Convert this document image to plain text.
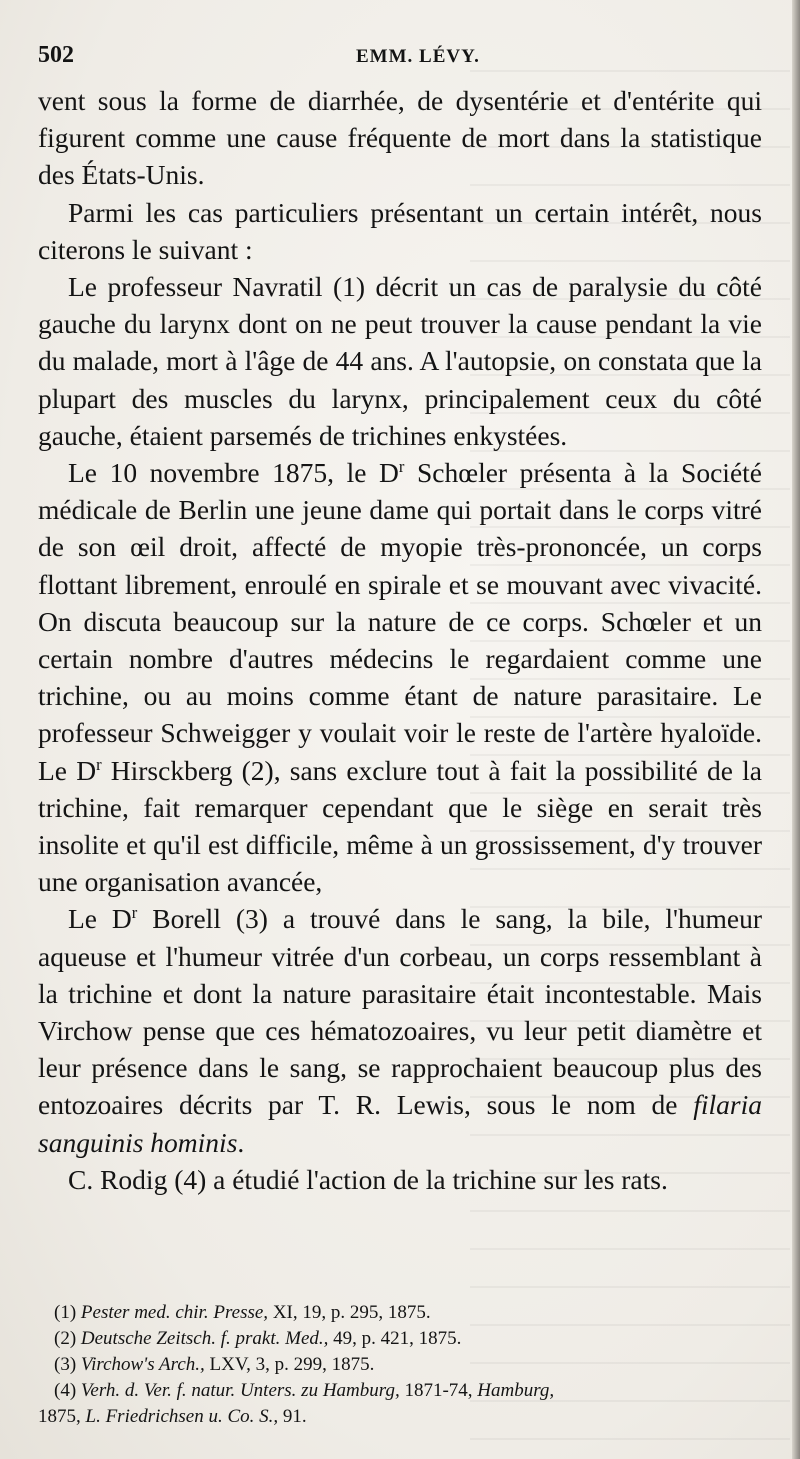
502	EMM. LÉVY.

vent sous la forme de diarrhée, de dysentérie et d'entérite qui figurent comme une cause fréquente de mort dans la statistique des États-Unis.

Parmi les cas particuliers présentant un certain intérêt, nous citerons le suivant :

Le professeur Navratil (1) décrit un cas de paralysie du côté gauche du larynx dont on ne peut trouver la cause pendant la vie du malade, mort à l'âge de 44 ans. A l'autopsie, on constata que la plupart des muscles du larynx, principalement ceux du côté gauche, étaient parsemés de trichines enkystées.

Le 10 novembre 1875, le $D^r$ Schœler présenta à la Société médicale de Berlin une jeune dame qui portait dans le corps vitré de son œil droit, affecté de myopie très-prononcée, un corps flottant librement, enroulé en spirale et se mouvant avec vivacité. On discuta beaucoup sur la nature de ce corps. Schœler et un certain nombre d'autres médecins le regardaient comme une trichine, ou au moins comme étant de nature parasitaire. Le professeur Schweigger y voulait voir le reste de l'artère hyaloïde. Le $D^r$ Hirsckberg (2), sans exclure tout à fait la possibilité de la trichine, fait remarquer cependant que le siège en serait très insolite et qu'il est difficile, même à un grossissement, d'y trouver une organisation avancée,

Le $D^r$ Borell (3) a trouvé dans le sang, la bile, l'humeur aqueuse et l'humeur vitrée d'un corbeau, un corps ressemblant à la trichine et dont la nature parasitaire était incontestable. Mais Virchow pense que ces hématozoaires, vu leur petit diamètre et leur présence dans le sang, se rapprochaient beaucoup plus des entozoaires décrits par T. R. Lewis, sous le nom de filaria sanguinis hominis.

C. Rodig (4) a étudié l'action de la trichine sur les rats.

(1) Pester med. chir. Presse, XI, 19, p. 295, 1875.

(2) Deutsche Zeitsch. f. prakt. Med., 49, p. 421, 1875.

(3) Virchow's Arch., LXV, 3, p. 299, 1875.

(4) Verh. d. Ver. f. natur. Unters. zu Hamburg, 1871-74, Hamburg,

1875, L. Friedrichsen u. Co. S., 91.
